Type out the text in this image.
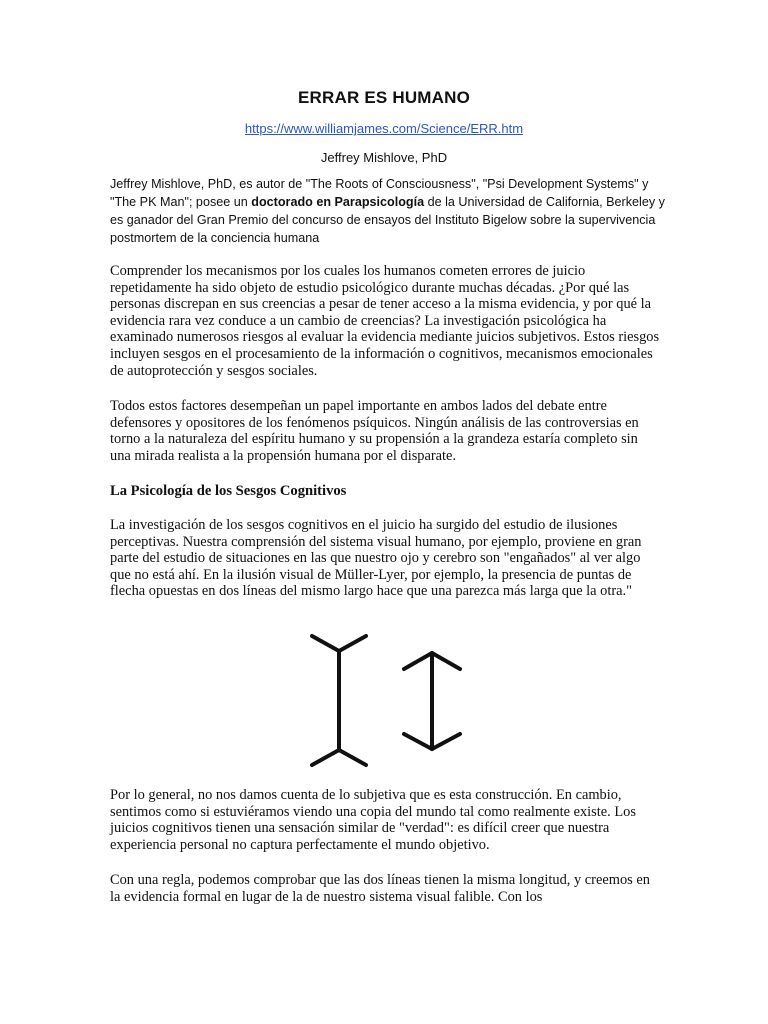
ERRAR ES HUMANO
https://www.williamjames.com/Science/ERR.htm
Jeffrey Mishlove, PhD

Jeffrey Mishlove, PhD, es autor de "The Roots of Consciousness", "Psi Development Systems" y "The PK Man"; posee un doctorado en Parapsicología de la Universidad de California, Berkeley y es ganador del Gran Premio del concurso de ensayos del Instituto Bigelow sobre la supervivencia postmortem de la conciencia humana

Comprender los mecanismos por los cuales los humanos cometen errores de juicio repetidamente ha sido objeto de estudio psicológico durante muchas décadas. ¿Por qué las personas discrepan en sus creencias a pesar de tener acceso a la misma evidencia, y por qué la evidencia rara vez conduce a un cambio de creencias? La investigación psicológica ha examinado numerosos riesgos al evaluar la evidencia mediante juicios subjetivos. Estos riesgos incluyen sesgos en el procesamiento de la información o cognitivos, mecanismos emocionales de autoprotección y sesgos sociales.

Todos estos factores desempeñan un papel importante en ambos lados del debate entre defensores y opositores de los fenómenos psíquicos. Ningún análisis de las controversias en torno a la naturaleza del espíritu humano y su propensión a la grandeza estaría completo sin una mirada realista a la propensión humana por el disparate.

La Psicología de los Sesgos Cognitivos

La investigación de los sesgos cognitivos en el juicio ha surgido del estudio de ilusiones perceptivas. Nuestra comprensión del sistema visual humano, por ejemplo, proviene en gran parte del estudio de situaciones en las que nuestro ojo y cerebro son "engañados" al ver algo que no está ahí. En la ilusión visual de Müller-Lyer, por ejemplo, la presencia de puntas de flecha opuestas en dos líneas del mismo largo hace que una parezca más larga que la otra."

Por lo general, no nos damos cuenta de lo subjetiva que es esta construcción. En cambio, sentimos como si estuviéramos viendo una copia del mundo tal como realmente existe. Los juicios cognitivos tienen una sensación similar de "verdad": es difícil creer que nuestra experiencia personal no captura perfectamente el mundo objetivo.

Con una regla, podemos comprobar que las dos líneas tienen la misma longitud, y creemos en la evidencia formal en lugar de la de nuestro sistema visual falible. Con los
